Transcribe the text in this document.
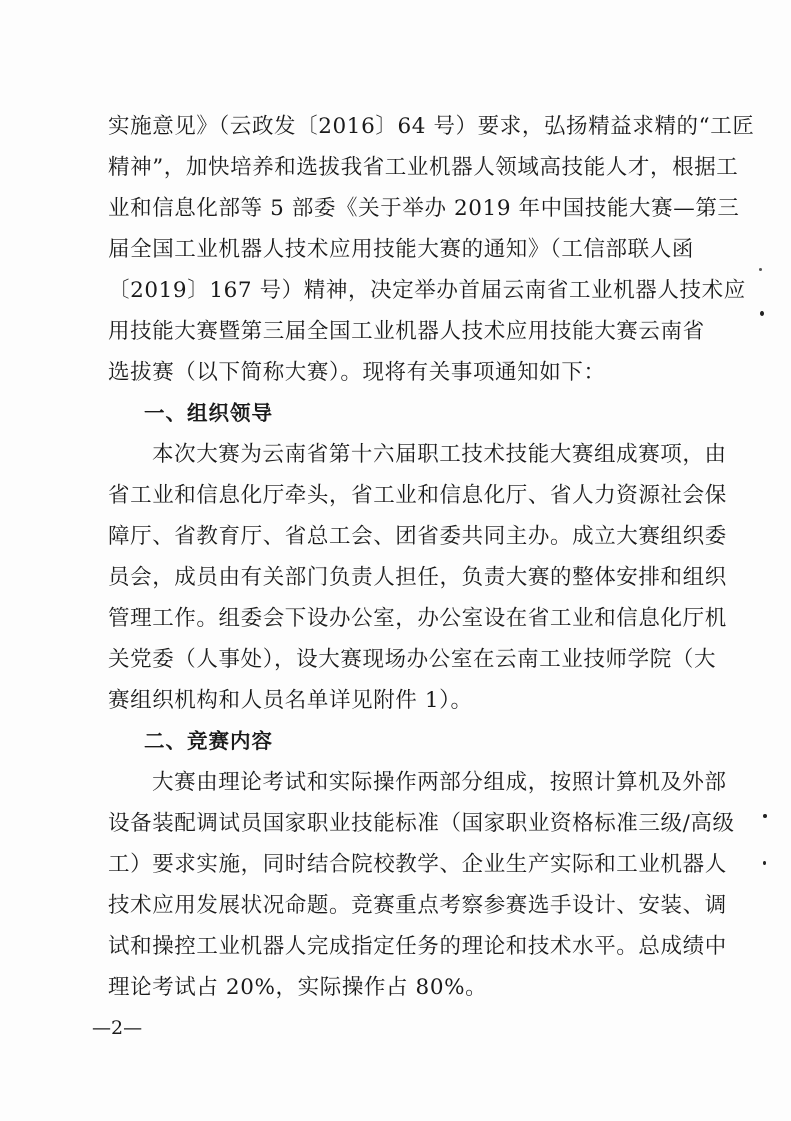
实施意见》（云政发〔2016〕64 号）要求，弘扬精益求精的“工匠
精神”，加快培养和选拔我省工业机器人领域高技能人才，根据工
业和信息化部等 5 部委《关于举办 2019 年中国技能大赛—第三
届全国工业机器人技术应用技能大赛的通知》（工信部联人函
〔2019〕167 号）精神，决定举办首届云南省工业机器人技术应
用技能大赛暨第三届全国工业机器人技术应用技能大赛云南省
选拔赛（以下简称大赛）。现将有关事项通知如下：
一、组织领导
本次大赛为云南省第十六届职工技术技能大赛组成赛项，由
省工业和信息化厅牵头，省工业和信息化厅、省人力资源社会保
障厅、省教育厅、省总工会、团省委共同主办。成立大赛组织委
员会，成员由有关部门负责人担任，负责大赛的整体安排和组织
管理工作。组委会下设办公室，办公室设在省工业和信息化厅机
关党委（人事处），设大赛现场办公室在云南工业技师学院（大
赛组织机构和人员名单详见附件 1）。
二、竞赛内容
大赛由理论考试和实际操作两部分组成，按照计算机及外部
设备装配调试员国家职业技能标准（国家职业资格标准三级/高级
工）要求实施，同时结合院校教学、企业生产实际和工业机器人
技术应用发展状况命题。竞赛重点考察参赛选手设计、安装、调
试和操控工业机器人完成指定任务的理论和技术水平。总成绩中
理论考试占 20%，实际操作占 80%。
—2—
